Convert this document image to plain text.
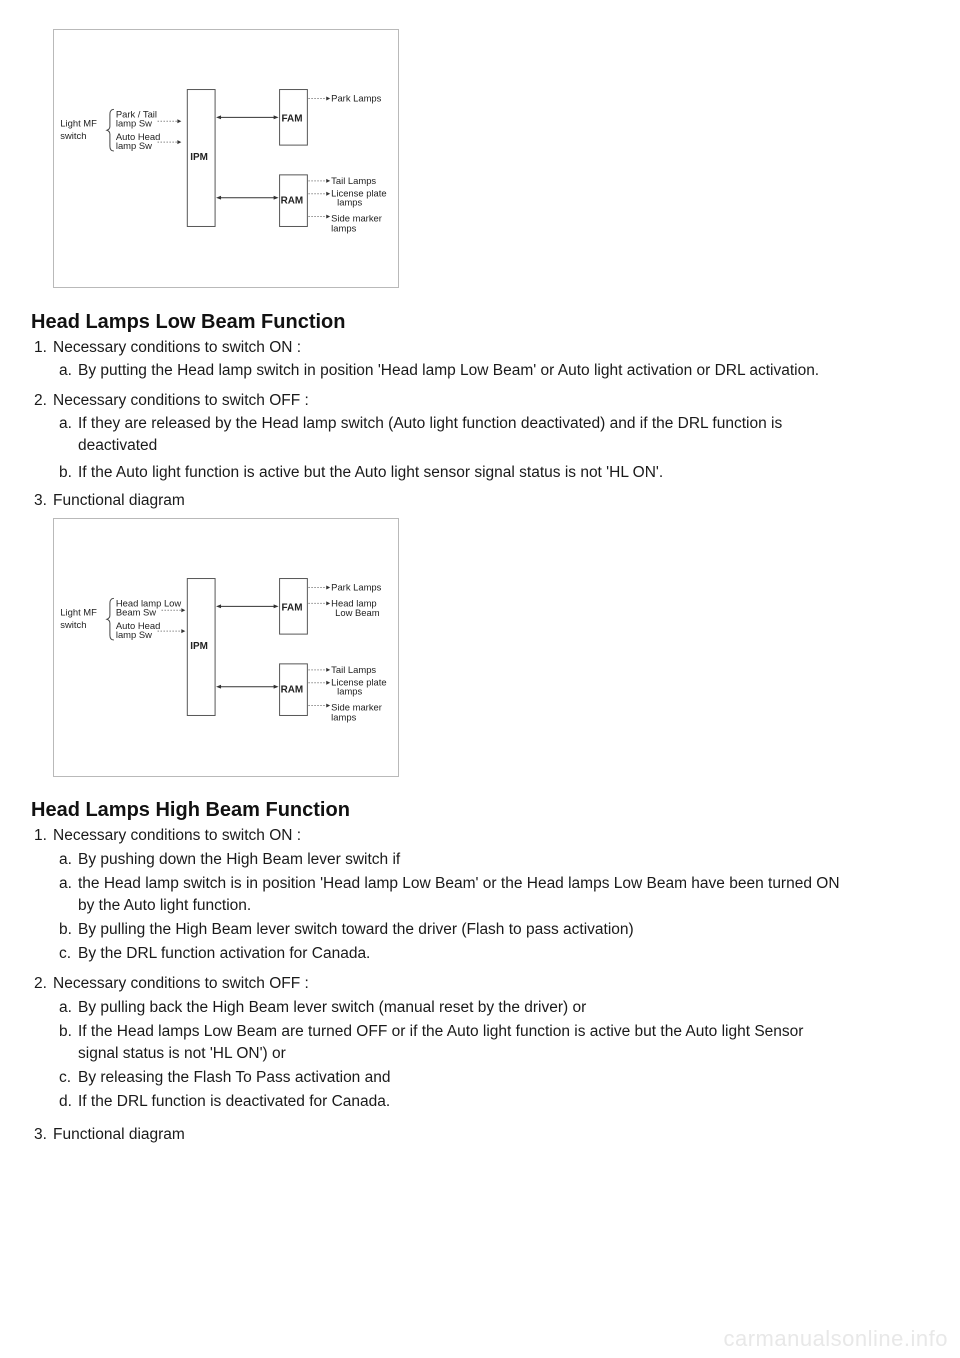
Light MF
switch
Park / Tail
lamp Sw
Auto Head
lamp Sw
IPM
FAM
RAM
Park Lamps
Tail Lamps
License plate
lamps
Side marker
lamps
Head Lamps Low Beam Function

1. Necessary conditions to switch ON :

a. By putting the Head lamp switch in position 'Head lamp Low Beam' or Auto light activation or DRL activation.

2. Necessary conditions to switch OFF :

a. If they are released by the Head lamp switch (Auto light function deactivated) and if the DRL function is

deactivated

b. If the Auto light function is active but the Auto light sensor signal status is not 'HL ON'.

3. Functional diagram

Light MF
switch
Head lamp Low
Beam Sw
Auto Head
lamp Sw
IPM
FAM
RAM
Park Lamps
Head lamp
Low Beam
Tail Lamps
License plate
lamps
Side marker
lamps
Head Lamps High Beam Function

1. Necessary conditions to switch ON :

a. By pushing down the High Beam lever switch if

a. the Head lamp switch is in position 'Head lamp Low Beam' or the Head lamps Low Beam have been turned ON

by the Auto light function.

b. By pulling the High Beam lever switch toward the driver (Flash to pass activation)

c. By the DRL function activation for Canada.

2. Necessary conditions to switch OFF :

a. By pulling back the High Beam lever switch (manual reset by the driver) or

b. If the Head lamps Low Beam are turned OFF or if the Auto light function is active but the Auto light Sensor

signal status is not 'HL ON') or

c. By releasing the Flash To Pass activation and

d. If the DRL function is deactivated for Canada.

3. Functional diagram

carmanualsonline.info
